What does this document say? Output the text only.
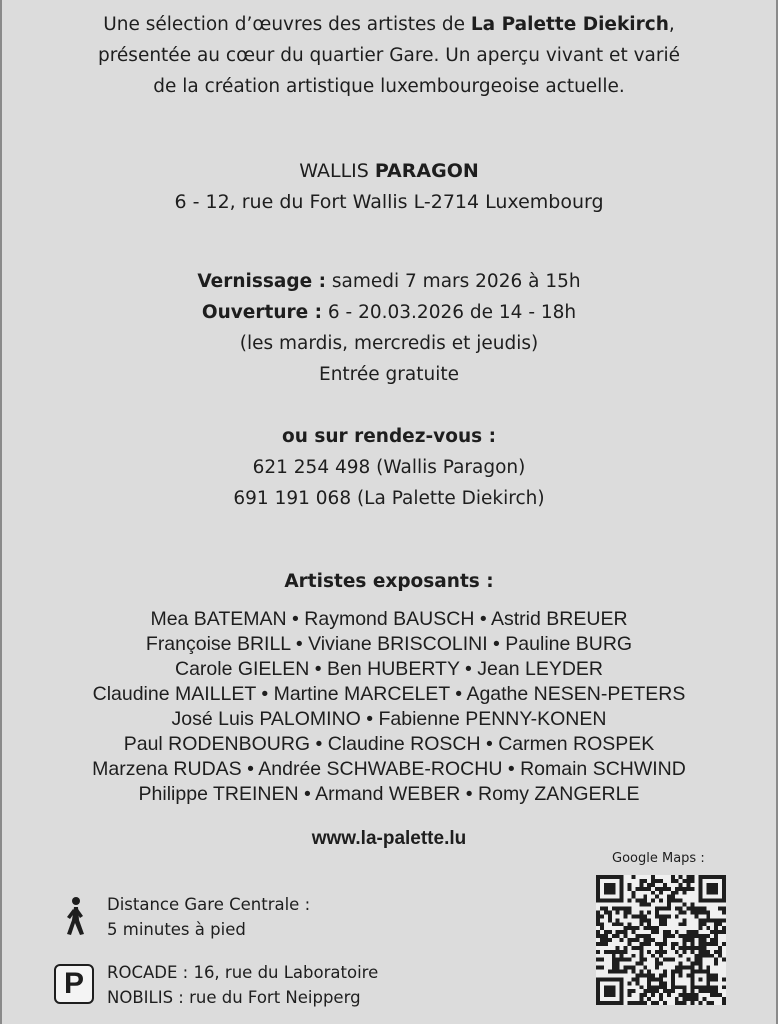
Une sélection d’œuvres des artistes de La Palette Diekirch,
présentée au cœur du quartier Gare. Un aperçu vivant et varié
de la création artistique luxembourgeoise actuelle.
WALLIS PARAGON
6 - 12, rue du Fort Wallis L-2714 Luxembourg
Vernissage : samedi 7 mars 2026 à 15h
Ouverture : 6 - 20.03.2026 de 14 - 18h
(les mardis, mercredis et jeudis)
Entrée gratuite
ou sur rendez-vous :
621 254 498 (Wallis Paragon)
691 191 068 (La Palette Diekirch)
Artistes exposants :
Mea BATEMAN • Raymond BAUSCH • Astrid BREUER
Françoise BRILL • Viviane BRISCOLINI • Pauline BURG
Carole GIELEN • Ben HUBERTY • Jean LEYDER
Claudine MAILLET • Martine MARCELET • Agathe NESEN-PETERS
José Luis PALOMINO • Fabienne PENNY-KONEN
Paul RODENBOURG • Claudine ROSCH • Carmen ROSPEK
Marzena RUDAS • Andrée SCHWABE-ROCHU • Romain SCHWIND
Philippe TREINEN • Armand WEBER • Romy ZANGERLE
www.la-palette.lu
Distance Gare Centrale :
5 minutes à pied
P	ROCADE : 16, rue du Laboratoire
NOBILIS : rue du Fort Neipperg
Google Maps :
